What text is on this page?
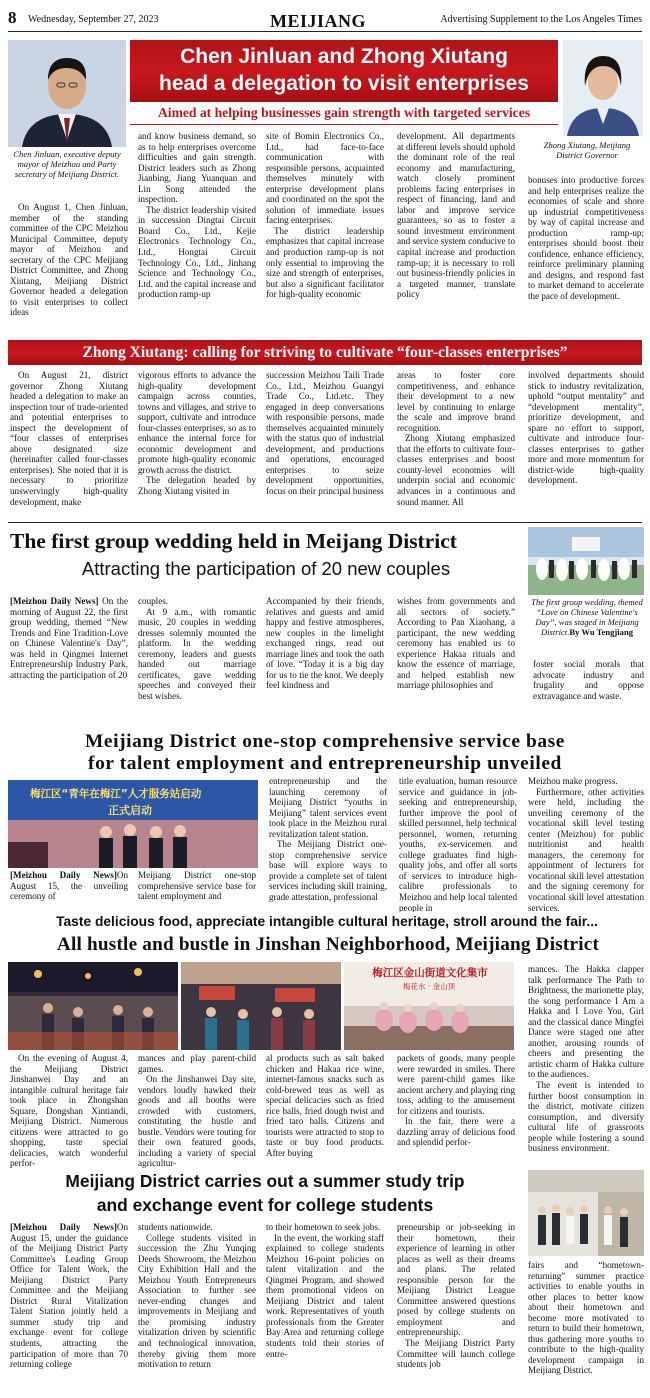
8 Wednesday, September 27, 2023	MEIJIANG	Advertising Supplement to the Los Angeles Times
Chen Jinluan, executive deputy mayor of Meizhou and Party secretary of Meijiang District.
Chen Jinluan and Zhong Xiutang
head a delegation to visit enterprises
Aimed at helping businesses gain strength with targeted services
Zhong Xiutang, Meijiang District Governor

On August 1, Chen Jinluan, member of the standing committee of the CPC Meizhou Municipal Committee, deputy mayor of Meizhou and secretary of the CPC Meijiang District Committee, and Zhong Xiutang, Meijiang District Governor headed a delegation to visit enterprises to collect ideas

and know business demand, so as to help enterprises overcome difficulties and gain strength. District leaders such as Zhong Jianbing, Jiang Yuanquan and Lin Song attended the inspection.

The district leadership visited in succession Dingtai Circuit Board Co., Ltd., Kejie Electronics Technology Co., Ltd., Hongtai Circuit Technology Co., Ltd., Jinhang Science and Technology Co., Ltd. and the capital increase and production ramp-up

site of Bomin Electronics Co., Ltd., had face-to-face communication with responsible persons, acquainted themselves minutely with enterprise development plans and coordinated on the spot the solution of immediate issues facing enterprises.

The district leadership emphasizes that capital increase and production ramp-up is not only essential to improving the size and strength of enterprises, but also a significant facilitator for high-quality economic

development. All departments at different levels should uphold the dominant role of the real economy and manufacturing, watch closely prominent problems facing enterprises in respect of financing, land and labor and improve service guarantees, so as to foster a sound investment environment and service system conducive to capital increase and production ramp-up; it is necessary to roll out business-friendly policies in a targeted manner, translate policy

bonuses into productive forces and help enterprises realize the economies of scale and shore up industrial competitiveness by way of capital increase and production ramp-up; enterprises should boost their confidence, enhance efficiency, reinforce preliminary planning and designs, and respond fast to market demand to accelerate the pace of development.

Zhong Xiutang: calling for striving to cultivate “four-classes enterprises”

On August 21, district governor Zhong Xiutang headed a delegation to make an inspection tour of trade-oriented and potential enterprises to inspect the development of “four classes of enterprises above designated size (hereinafter called four-classes enterprises). She noted that it is necessary to prioritize unswervingly high-quality development, make

vigorous efforts to advance the high-quality development campaign across counties, towns and villages, and strive to support, cultivate and introduce four-classes enterprises, so as to enhance the internal force for economic development and promote high-quality economic growth across the district.

The delegation headed by Zhong Xiutang visited in

succession Meizhou Taili Trade Co., Ltd., Meizhou Guangyi Trade Co., Ltd.etc. They engaged in deep conversations with responsible persons, made themselves acquainted minutely with the status quo of industrial development, and productions and operations, encouraged enterprises to seize development opportunities, focus on their principal business

areas to foster core competitiveness, and enhance their development to a new level by continuing to enlarge the scale and improve brand recognition.

Zhong Xiutang emphasized that the efforts to cultivate four-classes enterprises and boost county-level economies will underpin social and economic advances in a continuous and sound manner. All

involved departments should stick to industry revitalization, uphold “output mentality” and “development mentality”, prioritize development, and spare no effort to support, cultivate and introduce four-classes enterprises to gather more and more momentum for district-wide high-quality development.

The first group wedding held in Meijang District
Attracting the participation of 20 new couples

[Meizhou Daily News] On the morning of August 22, the first group wedding, themed “New Trends and Fine Tradition-Love on Chinese Valentine's Day”, was held in Qingmei Internet Entrepreneurship Industry Park, attracting the participation of 20

couples.

At 9 a.m., with romantic music, 20 couples in wedding dresses solemnly mounted the platform. In the wedding ceremony, leaders and guests handed out marriage certificates, gave wedding speeches and conveyed their best wishes.

Accompanied by their friends, relatives and guests and amid happy and festive atmospheres, new couples in the limelight exchanged rings, read out marriage lines and took the oath of love. “Today it is a big day for us to tie the knot. We deeply feel kindness and

wishes from governments and all sectors of society.” According to Pan Xiaohang, a participant, the new wedding ceremony has enabled us to experience Hakaa rituals and know the essence of marriage, and helped establish new marriage philosophies and

The first group wedding, themed “Love on Chinese Valentine's Day”, was staged in Meijiang District.By Wu Tengjiang

foster social morals that advocate industry and frugality and oppose extravagance and waste.

Meijiang District one-stop comprehensive service base
for talent employment and entrepreneurship unveiled
梅江区“青年在梅江”人才服务站启动
正式启动

[Meizhou Daily News]On August 15, the unveiling ceremony of

Meijiang District one-stop comprehensive service base for talent employment and

entrepreneurship and the launching ceremony of Meijiang District “youths in Meijiang” talent services event took place in the Meizhou rural revitalization talent station.

The Meijiang District one-stop comprehensive service base will explore ways to provide a complete set of talent services including skill training, grade attestation, professional

title evaluation, human resource service and guidance in job-seeking and entrepreneurship, further improve the pool of skilled personnel, help technical personnel, women, returning youths, ex-servicemen and college graduates find high-quality jobs, and offer all sorts of services to introduce high-calibre professionals to Meizhou and help local talented people in

Meizhou make progress.

Furthermore, other activities were held, including the unveiling ceremony of the vocational skill level testing center (Meizhou) for public nutritionist and health managers, the ceremony for appointment of lecturers for vocational skill level attestation and the signing ceremony for vocational skill level attestation services.

Taste delicious food, appreciate intangible cultural heritage, stroll around the fair...
All hustle and bustle in Jinshan Neighborhood, Meijiang District
梅江区金山街道文化集市
梅花水 · 金山顶

mances. The Hakka clapper talk performance The Path to Brightness, the marionette play, the song performance I Am a Hakka and I Love You, Girl and the classical dance Mingfei Dance were staged one after another, arousing rounds of cheers and presenting the artistic charm of Hakka culture to the audiences.

The event is intended to further boost consumption in the district, motivate citizen consumption, and diversify cultural life of grassroots people while fostering a sound business environment.

On the evening of August 4, the Meijiang District Jinshanwei Day and an intangible cultural heritage fair took place in Zhongshan Square, Dongshan Xintiandi, Meijiang District. Numerous citizens were attracted to go shopping, taste special delicacies, watch wonderful perfor-

mances and play parent-child games.

On the Jinshanwei Day site, vendors loudly hawked their goods and all booths were crowded with customers, constituting the hustle and bustle. Vendors were touting for their own featured goods, including a variety of special agricultur-

al products such as salt baked chicken and Hakaa rice wine, internet-famous snacks such as cold-brewed teas as well as special delicacies such as fried rice balls, fried dough twist and fried taro balls. Citizens and tourists were attracted to stop to taste or buy food products. After buying

packets of goods, many people were rewarded in smiles. There were parent-child games like ancient archery and playing ring toss, adding to the amusement for citizens and tourists.

In the fair, there were a dazzling array of delicious food and splendid perfor-

Meijiang District carries out a summer study trip
and exchange event for college students

[Meizhou Daily News]On August 15, under the guidance of the Meijiang District Party Committee's Leading Group Office for Talent Work, the Meijiang District Party Committee and the Meijiang District Rural Vitalization Talent Station jointly held a summer study trip and exchange event for college students, attracting the participation of more than 70 returning college

students nationwide.

College students visited in succession the Zhu Yunqing Deeds Showroom, the Meizhou City Exhibition Hall and the Meizhou Youth Entrepreneurs Association to further see never-ending changes and improvements in Meijiang and the promising industry vitalization driven by scientific and technological innovation, thereby giving them more motivation to return

to their hometown to seek jobs.

In the event, the working staff explained to college students Meizhou 16-point policies on talent vitalization and the Qingmei Program, and showed them promotional videos on Meijiang District and talent work. Representatives of youth professionals from the Greater Bay Area and returning college students told their stories of entre-

preneurship or job-seeking in their hometown, their experience of learning in other places as well as their dreams and plans. The related responsible person for the Meijiang District League Committee answered questions posed by college students on employment and entrepreneurship.

The Meijiang District Party Committee will launch college students job

fairs and “hometown-returning” summer practice activities to enable youths in other places to better know about their hometown and become more motivated to return to build their hometown, thus gathering more youths to contribute to the high-quality development campaign in Meijiang District.
